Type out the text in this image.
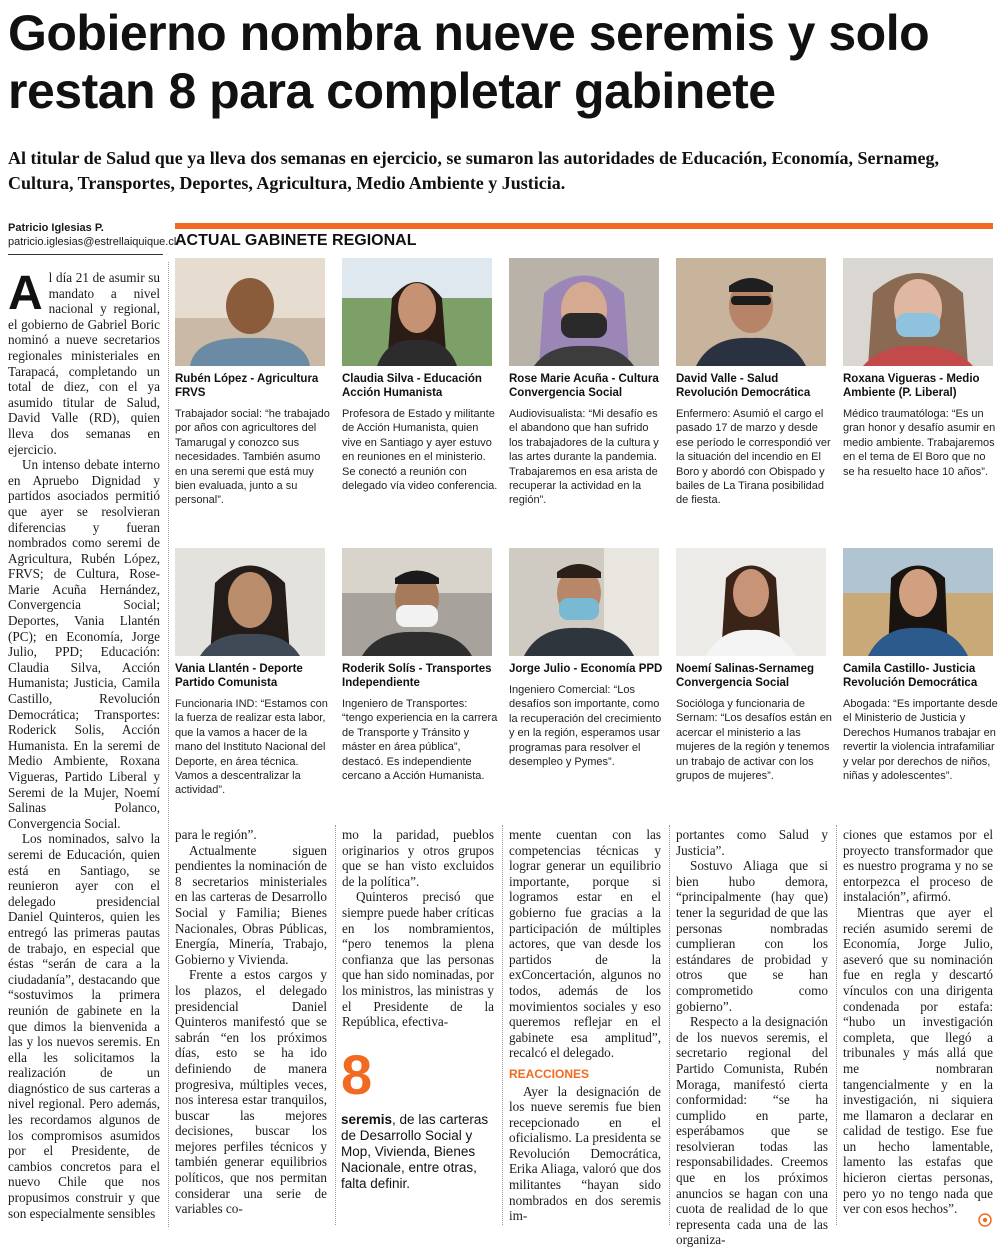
Gobierno nombra nueve seremis y solo restan 8 para completar gabinete

Al titular de Salud que ya lleva dos semanas en ejercicio, se sumaron las autoridades de Educación, Economía, Sernameg, Cultura, Transportes, Deportes, Agricultura, Medio Ambiente y Justicia.

Patricio Iglesias P.
patricio.iglesias@estrellaiquique.cl
ACTUAL GABINETE REGIONAL
Rubén López - Agricultura FRVS
Trabajador social: “he trabajado por años con agricultores del Tamarugal y conozco sus necesidades. También asumo en una seremi que está muy bien evaluada, junto a su personal”.
Claudia Silva - Educación Acción Humanista
Profesora de Estado y militante de Acción Humanista, quien vive en Santiago y ayer estuvo en reuniones en el ministerio. Se conectó a reunión con delegado vía video conferencia.
Rose Marie Acuña - Cultura Convergencia Social
Audiovisualista: “Mi desafío es el abandono que han sufrido los trabajadores de la cultura y las artes durante la pandemia. Trabajaremos en esa arista de recuperar la actividad en la región”.
David Valle - Salud Revolución Democrática
Enfermero: Asumió el cargo el pasado 17 de marzo y desde ese período le correspondió ver la situación del incendio en El Boro y abordó con Obispado y bailes de La Tirana posibilidad de fiesta.
Roxana Vigueras - Medio Ambiente (P. Liberal)
Médico traumatóloga: “Es un gran honor y desafío asumir en medio ambiente. Trabajaremos en el tema de El Boro que no se ha resuelto hace 10 años”.
Vania Llantén - Deporte Partido Comunista
Funcionaria IND: “Estamos con la fuerza de realizar esta labor, que la vamos a hacer de la mano del Instituto Nacional del Deporte, en área técnica. Vamos a descentralizar la actividad”.
Roderik Solís - Transportes Independiente
Ingeniero de Transportes: “tengo experiencia en la carrera de Transporte y Tránsito y máster en área pública”, destacó. Es independiente cercano a Acción Humanista.
Jorge Julio - Economía PPD
Ingeniero Comercial: “Los desafíos son importante, como la recuperación del crecimiento y en la región, esperamos usar programas para resolver el desempleo y Pymes”.
Noemí Salinas-Sernameg Convergencia Social
Socióloga y funcionaria de Sernam: “Los desafíos están en acercar el ministerio a las mujeres de la región y tenemos un trabajo de activar con los grupos de mujeres”.
Camila Castillo- Justicia Revolución Democrática
Abogada: “Es importante desde el Ministerio de Justicia y Derechos Humanos trabajar en revertir la violencia intrafamiliar y velar por derechos de niños, niñas y adolescentes”.

Al día 21 de asumir su mandato a nivel nacional y regional, el gobierno de Gabriel Boric nominó a nueve secretarios regionales ministeriales en Tarapacá, completando un total de diez, con el ya asumido titular de Salud, David Valle (RD), quien lleva dos semanas en ejercicio.

Un intenso debate interno en Apruebo Dignidad y partidos asociados permitió que ayer se resolvieran diferencias y fueran nombrados como seremi de Agricultura, Rubén López, FRVS; de Cultura, Rose-Marie Acuña Hernández, Convergencia Social; Deportes, Vania Llantén (PC); en Economía, Jorge Julio, PPD; Educación: Claudia Silva, Acción Humanista; Justicia, Camila Castillo, Revolución Democrática; Transportes: Roderick Solis, Acción Humanista. En la seremi de Medio Ambiente, Roxana Vigueras, Partido Liberal y Seremi de la Mujer, Noemí Salinas Polanco, Convergencia Social.

Los nominados, salvo la seremi de Educación, quien está en Santiago, se reunieron ayer con el delegado presidencial Daniel Quinteros, quien les entregó las primeras pautas de trabajo, en especial que éstas “serán de cara a la ciudadanía”, destacando que “sostuvimos la primera reunión de gabinete en la que dimos la bienvenida a las y los nuevos seremis. En ella les solicitamos la realización de un diagnóstico de sus carteras a nivel regional. Pero además, les recordamos algunos de los compromisos asumidos por el Presidente, de cambios concretos para el nuevo Chile que nos propusimos construir y que son especialmente sensibles

para le región”.

Actualmente siguen pendientes la nominación de 8 secretarios ministeriales en las carteras de Desarrollo Social y Familia; Bienes Nacionales, Obras Públicas, Energía, Minería, Trabajo, Gobierno y Vivienda.

Frente a estos cargos y los plazos, el delegado presidencial Daniel Quinteros manifestó que se sabrán “en los próximos días, esto se ha ido definiendo de manera progresiva, múltiples veces, nos interesa estar tranquilos, buscar las mejores decisiones, buscar los mejores perfiles técnicos y también generar equilibrios políticos, que nos permitan considerar una serie de variables co-

mo la paridad, pueblos originarios y otros grupos que se han visto excluidos de la política”.

Quinteros precisó que siempre puede haber críticas en los nombramientos, “pero tenemos la plena confianza que las personas que han sido nominadas, por los ministros, las ministras y el Presidente de la República, efectiva-

8
seremis, de las carteras de Desarrollo Social y Mop, Vivienda, Bienes Nacionale, entre otras, falta definir.

mente cuentan con las competencias técnicas y lograr generar un equilibrio importante, porque si logramos estar en el gobierno fue gracias a la participación de múltiples actores, que van desde los partidos de la exConcertación, algunos no todos, además de los movimientos sociales y eso queremos reflejar en el gabinete esa amplitud”, recalcó el delegado.

REACCIONES

Ayer la designación de los nueve seremis fue bien recepcionado en el oficialismo. La presidenta se Revolución Democrática, Erika Aliaga, valoró que dos militantes “hayan sido nombrados en dos seremis im-

portantes como Salud y Justicia”.

Sostuvo Aliaga que si bien hubo demora, “principalmente (hay que) tener la seguridad de que las personas nombradas cumplieran con los estándares de probidad y otros que se han comprometido como gobierno”.

Respecto a la designación de los nuevos seremis, el secretario regional del Partido Comunista, Rubén Moraga, manifestó cierta conformidad: “se ha cumplido en parte, esperábamos que se resolvieran todas las responsabilidades. Creemos que en los próximos anuncios se hagan con una cuota de realidad de lo que representa cada una de las organiza-

ciones que estamos por el proyecto transformador que es nuestro programa y no se entorpezca el proceso de instalación”, afirmó.

Mientras que ayer el recién asumido seremi de Economía, Jorge Julio, aseveró que su nominación fue en regla y descartó vínculos con una dirigenta condenada por estafa: “hubo un investigación completa, que llegó a tribunales y más allá que me nombraran tangencialmente y en la investigación, ni siquiera me llamaron a declarar en calidad de testigo. Ese fue un hecho lamentable, lamento las estafas que hicieron ciertas personas, pero yo no tengo nada que ver con esos hechos”.
